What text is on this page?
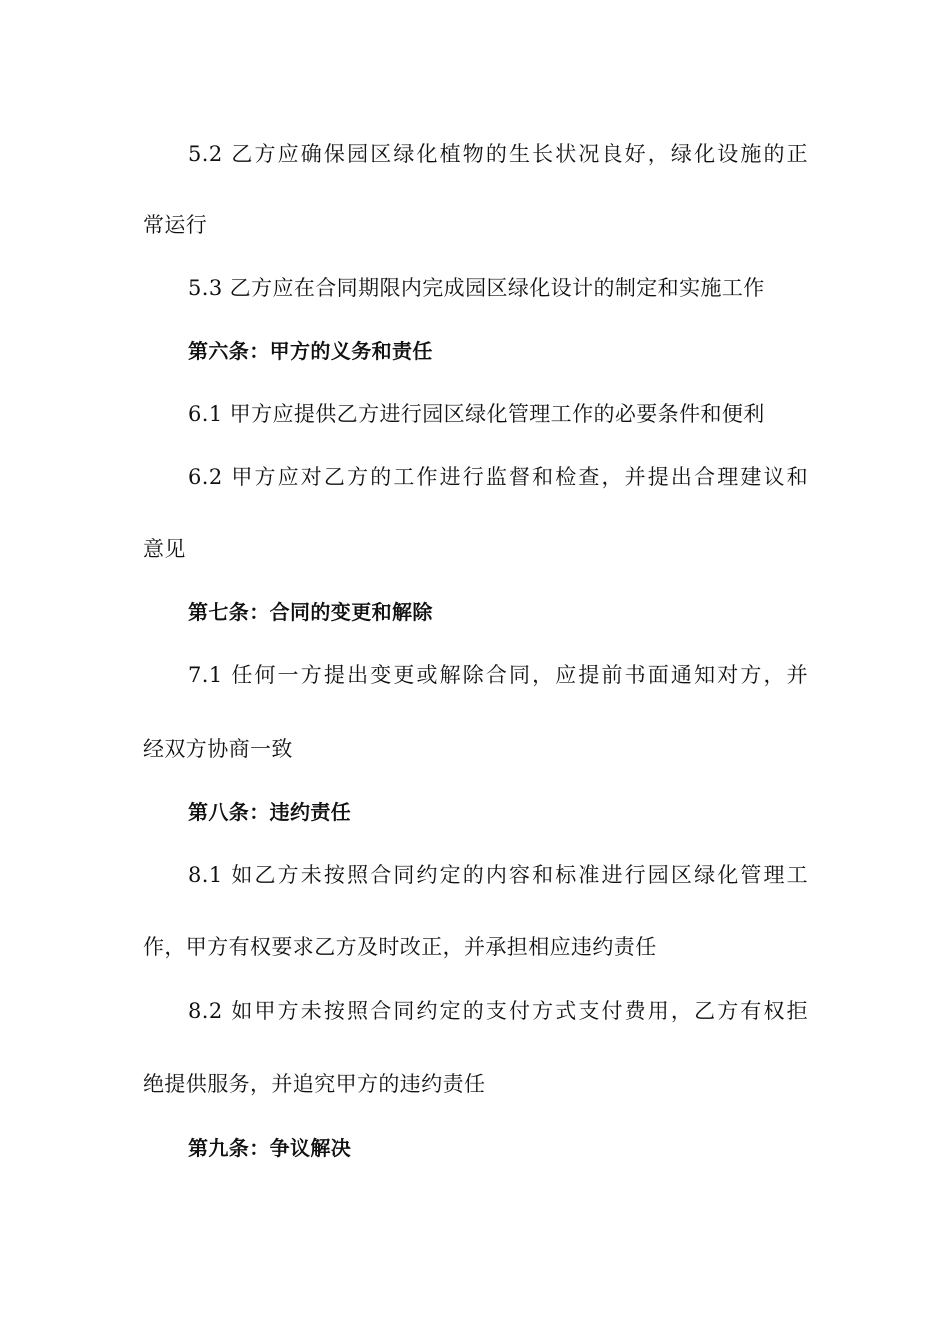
5.2 乙方应确保园区绿化植物的生长状况良好，绿化设施的正
常运行
5.3 乙方应在合同期限内完成园区绿化设计的制定和实施工作
第六条：甲方的义务和责任
6.1 甲方应提供乙方进行园区绿化管理工作的必要条件和便利
6.2 甲方应对乙方的工作进行监督和检查，并提出合理建议和
意见
第七条：合同的变更和解除
7.1 任何一方提出变更或解除合同，应提前书面通知对方，并
经双方协商一致
第八条：违约责任
8.1 如乙方未按照合同约定的内容和标准进行园区绿化管理工
作，甲方有权要求乙方及时改正，并承担相应违约责任
8.2 如甲方未按照合同约定的支付方式支付费用，乙方有权拒
绝提供服务，并追究甲方的违约责任
第九条：争议解决
